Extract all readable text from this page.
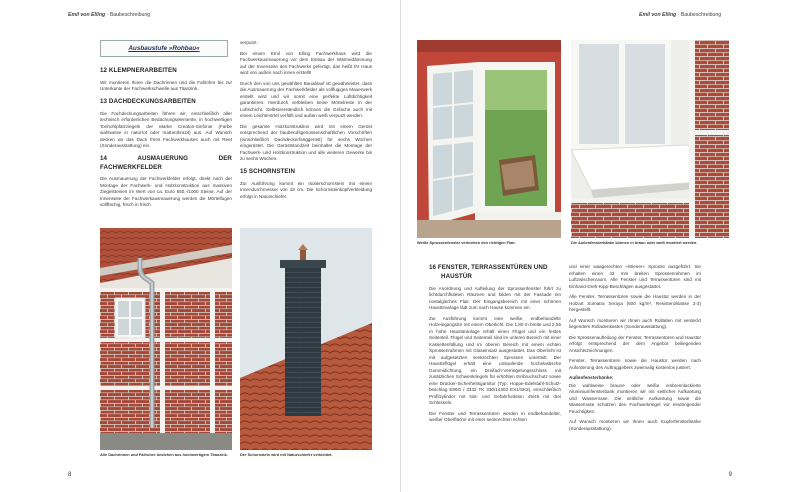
Emil von Elling · Baubeschreibung
Ausbaustufe »Rohbau«
12 KLEMPNERARBEITEN

Wir montieren Ihnen die Dachrinnen und die Fallrohre bis zur Unterkante der Fachwerkschwelle aus Titanzink.

13 DACHDECKUNGSARBEITEN

Die Fachdeckungsarbeiten führen wir, einschließlich aller technisch erforderlichen Bedachungselemente, in hochwertigen Tonhohlpfalzziegeln der Marke Creaton-Sinfonie (Farbe wahlweise in naturrot oder mattanthrazit) aus. Auf Wunsch decken wir das Dach Ihres Fachwerkhauses auch mit Reet (Sonderausstattung) ein.

14 AUSMAUERUNG DER FACHWERKFELDER

Die Ausmauerung der Fachwerkfelder erfolgt, direkt nach der Montage der Fachwerk- und Holzkonstruktion aus massiven Ziegelsteinen im Wert von ca. Euro 550,-/1000 Steine. Auf der Innenseite der Fachwerkausmauerung werden die Mörtelfugen vollflächig, frisch in frisch

verputzt.

Bei einem Emil von Elling Fachwerkhaus wird die Fachwerkausmauerung vor dem Einbau der Wärmedämmung auf der Innenseite des Fachwerks gefertigt, das heißt Ihr Haus wird von außen nach innen erstellt!

Durch den von uns gewählten Bauablauf ist gewährleistet, dass die Ausmauerung der Fachwerkfelder als vollfugiges Mauerwerk erstellt wird und wir somit eine perfekte Luftdichtigkeit garantieren. Hierdurch verbleiben keine Mörtelreste in der Luftschicht. Selbstverständlich können die Gefache auch mit einem Leichtmörtel verfüllt und außen weiß verputzt werden.

Die gesamte Holzkonstruktion wird mit einem Gerüst entsprechend der bauberufsgenossenschaftlichen Vorschriften (einschließlich Dachdeckerfanggerüst) für sechs Wochen eingerüstet. Die Gerüststandzeit beinhaltet die Montage der Fachwerk- und Holzkonstruktion und alle weiteren Gewerke bis zu sechs Wochen.

15 SCHORNSTEIN

Zur Ausführung kommt ein Isolierschornstein mit einem Innendurchmesser von 18 cm. Die Schornsteinkopfverkleidung erfolgt in Naturschiefer.

Alle Dachrinnen und Fallrohre bestehen aus hochwertigem Titanzink.	Der Schornstein wird mit Naturschiefer verkleidet.
8
Emil von Elling · Baubeschreibung
Weiße Sprossenfenster verbreiten den richtigen Flair.	Die Außenfensterbänke können in braun oder weiß montiert werden.
16 FENSTER, TERRASSENTÜREN UND
HAUSTÜR

Die Anordnung und Aufteilung der Sprossenfenster führt zu lichtdurchfluteten Räumen und bilden mit der Fassade ein nostalgisches Flair. Der Eingangsbereich mit einer schönen Haustüranlage lädt zum nach Hause kommen ein.

Zur Ausführung kommt eine weiße, endbehandelte Holzeingangstür mit einem Oberlicht. Die 1,80 m breite und 2,55 m hohe Haustüranlage erhält einen Flügel und ein festes Seitenteil. Flügel und Seitenteil sind im unteren Bereich mit einer Kassettenfüllung und im oberen Bereich mit einem echten Sprossenrahmen mit Glaseinsatz ausgestattet. Das Oberlicht ist mit aufgesetzten senkrechten Sprossen unterteilt. Der Haustürflügel erhält eine umlaufende hochelastische Gummidichtung, ein Dreifach-Verriegelungsschloss mit zusätzlichen Schwenkriegeln für erhöhten Einbruchschutz sowie eine Drücker-Sicherheitsgarnitur (Typ: Hoppe-Edelstahl-Schutz-beschlag E86G / 3332 TK 330/14302 ES1/SK2), einschließlich Profilzylinder mit Not- und Gefahrfunktion 45/45 mit drei Schlüsseln.

Die Fenster und Terrassentüren werden in endbehandelter, weißer Oberfläche mit einer senkrechten echten

und einer waagerechten »Wiener« Sprosse ausgeführt. Sie erhalten einen 43 mm breiten Sprossenrahmen im Luftzwischenraum. Alle Fenster und Terrassentüren sind mit Einhand-Dreh-Kipp-Beschlägen ausgestattet.

Alle Fenster, Terrassentüren sowie die Haustür werden in der Holzart Sumatra Seraya (600 kg/m³, Resistenzklasse 2-3) hergestellt.

Auf Wunsch montieren wir Ihnen auch Rolläden mit verdeckt liegendem Rolladenkasten (Sonderausstattung).

Die Sprossenaufteilung der Fenster, Terrassentüren und Haustür erfolgt entsprechend der dem Angebot beiliegenden Ansichtszeichnungen.

Fenster, Terrassentüren sowie die Haustür werden nach Auforderung des Auftraggebers zweimalig kostenlos justiert.

Außenfensterbänke:

Die wahlweise braune oder weiße einbrennlackierte Aluminiumfensterbank montieren wir mit seitlicher Aufkantung und Wassernase. Die seitliche Aufkantung sowie die Wassernase schützen den Fachwerkriegel vor eindringender Feuchtigkeit.

Auf Wunsch montieren wir Ihnen auch Kupferfensterbänke (Sonderausstattung).

9
